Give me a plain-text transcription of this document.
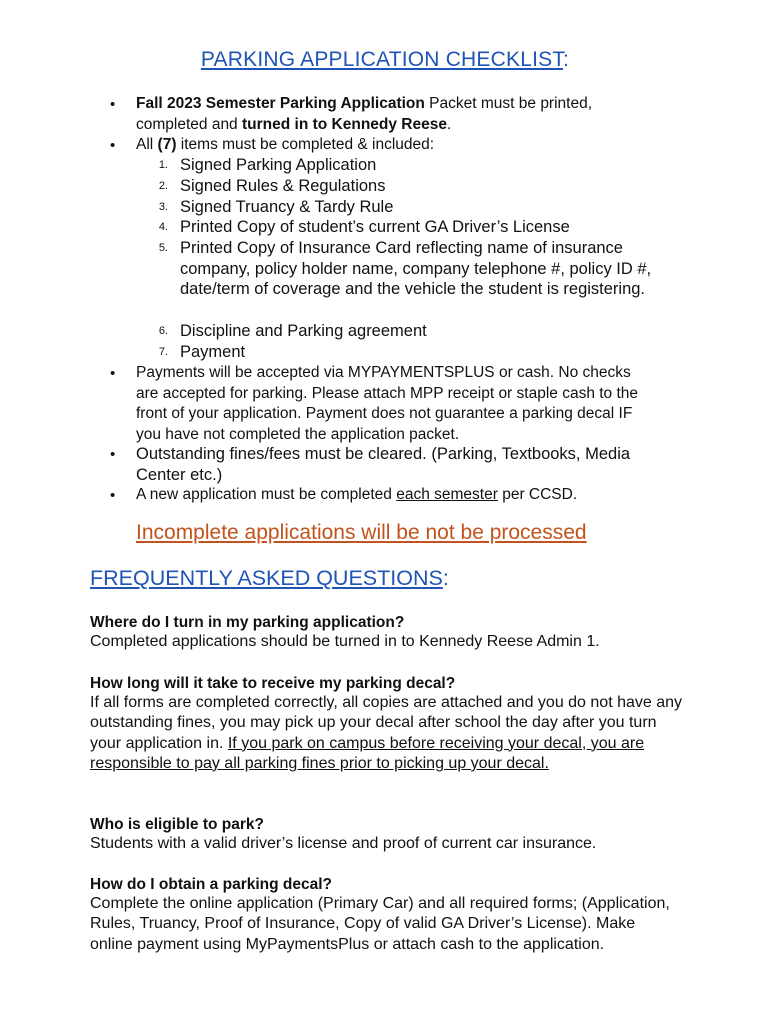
PARKING APPLICATION CHECKLIST:
• Fall 2023 Semester Parking Application Packet must be printed, completed and turned in to Kennedy Reese.
• All (7) items must be completed & included:
1. Signed Parking Application
2. Signed Rules & Regulations
3. Signed Truancy & Tardy Rule
4. Printed Copy of student’s current GA Driver’s License
5. Printed Copy of Insurance Card reflecting name of insurance company, policy holder name, company telephone #, policy ID #, date/term of coverage and the vehicle the student is registering.
6. Discipline and Parking agreement
7. Payment
• Payments will be accepted via MYPAYMENTSPLUS or cash. No checks are accepted for parking. Please attach MPP receipt or staple cash to the front of your application. Payment does not guarantee a parking decal IF you have not completed the application packet.
• Outstanding fines/fees must be cleared. (Parking, Textbooks, Media Center etc.)
• A new application must be completed each semester per CCSD.
Incomplete applications will be not be processed
FREQUENTLY ASKED QUESTIONS:
Where do I turn in my parking application?
Completed applications should be turned in to Kennedy Reese Admin 1.
How long will it take to receive my parking decal?
If all forms are completed correctly, all copies are attached and you do not have any outstanding fines, you may pick up your decal after school the day after you turn your application in. If you park on campus before receiving your decal, you are responsible to pay all parking fines prior to picking up your decal.
Who is eligible to park?
Students with a valid driver’s license and proof of current car insurance.
How do I obtain a parking decal?
Complete the online application (Primary Car) and all required forms; (Application, Rules, Truancy, Proof of Insurance, Copy of valid GA Driver’s License). Make online payment using MyPaymentsPlus or attach cash to the application.
